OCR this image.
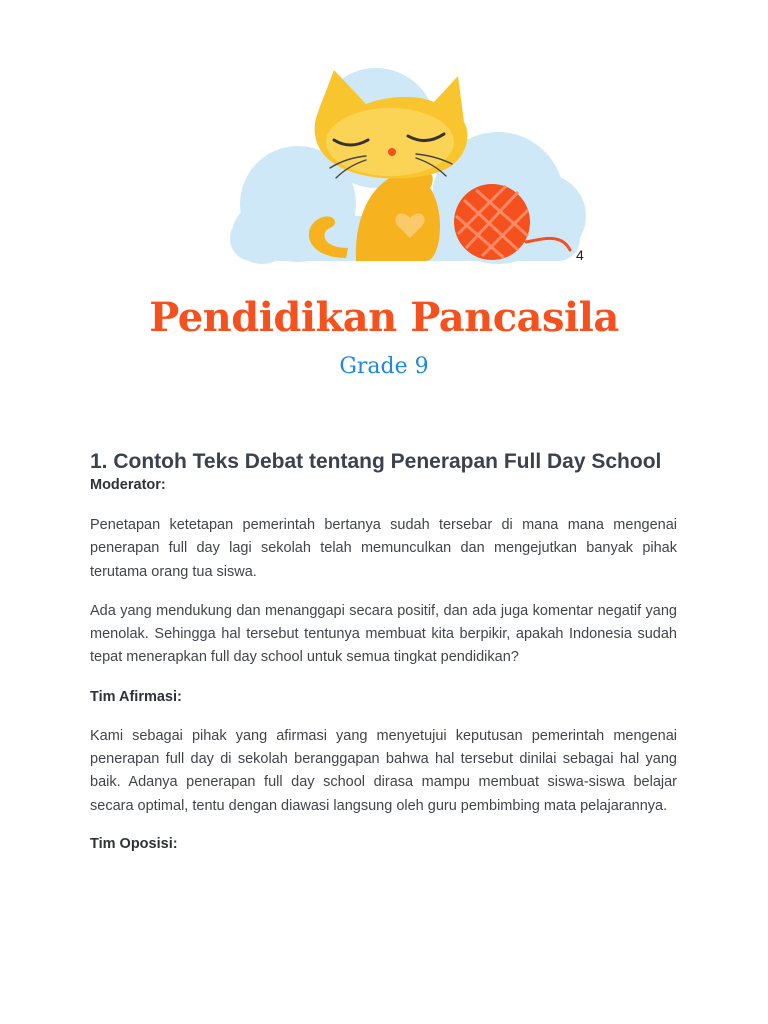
4
Pendidikan Pancasila
Grade 9
1. Contoh Teks Debat tentang Penerapan Full Day School

Moderator:

Penetapan ketetapan pemerintah bertanya sudah tersebar di mana mana mengenai penerapan full day lagi sekolah telah memunculkan dan mengejutkan banyak pihak terutama orang tua siswa.

Ada yang mendukung dan menanggapi secara positif, dan ada juga komentar negatif yang menolak. Sehingga hal tersebut tentunya membuat kita berpikir, apakah Indonesia sudah tepat menerapkan full day school untuk semua tingkat pendidikan?

Tim Afirmasi:

Kami sebagai pihak yang afirmasi yang menyetujui keputusan pemerintah mengenai penerapan full day di sekolah beranggapan bahwa hal tersebut dinilai sebagai hal yang baik. Adanya penerapan full day school dirasa mampu membuat siswa-siswa belajar secara optimal, tentu dengan diawasi langsung oleh guru pembimbing mata pelajarannya.

Tim Oposisi:
